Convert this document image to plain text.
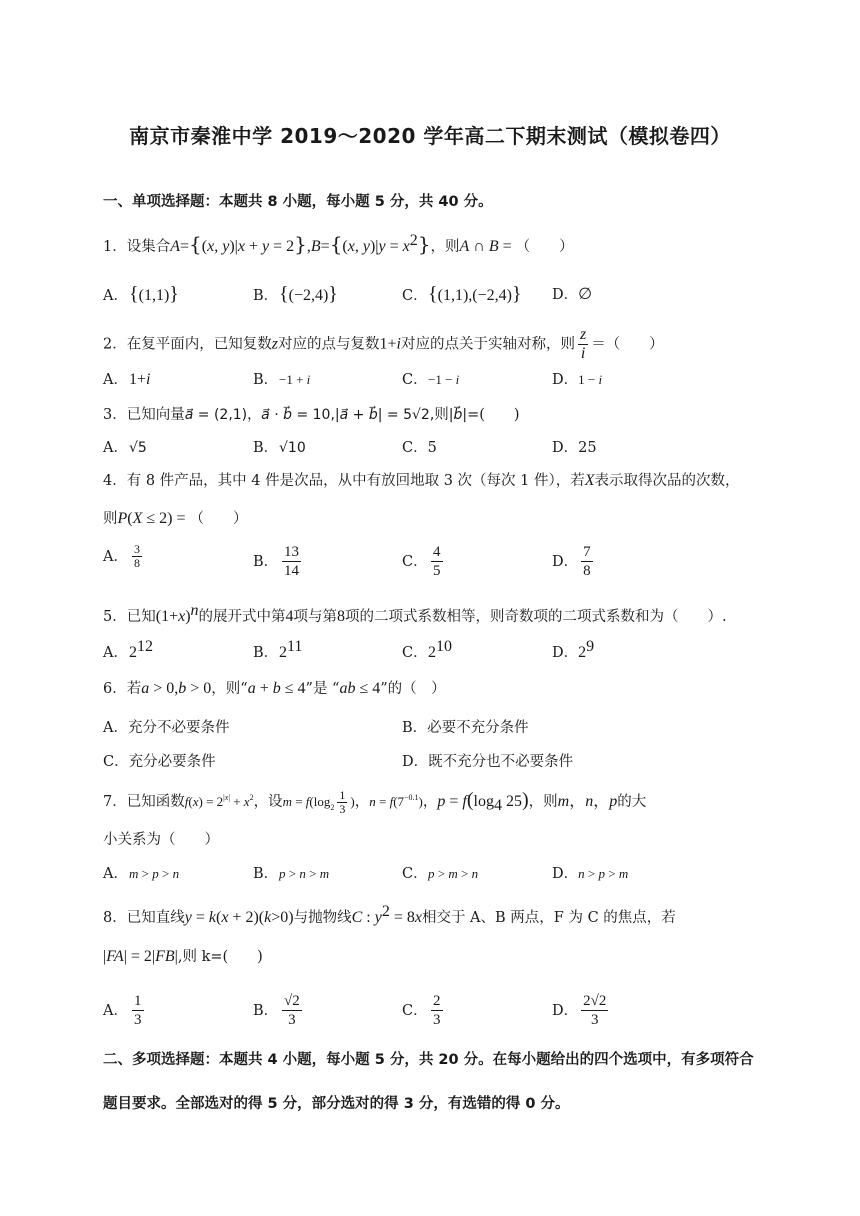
南京市秦淮中学 2019～2020 学年高二下期末测试（模拟卷四）
一、单项选择题：本题共 8 小题，每小题 5 分，共 40 分。
1．设集合A={(x, y)|x + y = 2},B={(x, $y)|y = x^2$}，则A ∩ B = （　　）
A．{(1,1)}	B．{(−2,4)}	C．{(1,1),(−2,4)} D．∅
2．在复平面内，已知复数z对应的点与复数1+i对应的点关于实轴对称，则 $\frac{z}{i}$ ＝（　　）
A．1+i	B．−1 + i	C．−1 − i	D．1 − i
3．已知向量a⃗ = (2,1)，a⃗ · b⃗ = 10,|a⃗ + b⃗| = 5√2,则|b⃗|=(　　)
A．√5	B．√10	C．5	D．25
4．有 8 件产品，其中 4 件是次品，从中有放回地取 3 次（每次 1 件），若X表示取得次品的次数，
则P(X ≤ 2) = （　　）
A． $\frac{3}{8}$	B． $\frac{13}{14}$	C． $\frac{4}{5}$	D． $\frac{7}{8}$
5．已知$(1+x)^n$的展开式中第4项与第8项的二项式系数相等，则奇数项的二项式系数和为（　　）.
A．$2^{12}$	B．$2^{11}$	C．$2^{10}$	D．$2^9$
6．若a > 0,b > 0，则“a + b ≤ 4”是 “ab ≤ 4”的（　）
A．充分不必要条件	B．必要不充分条件
C．充分必要条件	D．既不充分也不必要条件
7．已知函数$f(x) = 2^{|x|} + x^2$，设$m = f(\log_2 \frac{1}{3}$ )，$n = f(7^{-0.1})$，$p = f(\log_4$ 25)，则m，n，p的大
小关系为（　　）
A．m > p > n	B．p > n > m	C．p > m > n	D．n > p > m
8．已知直线y = k(x + 2)(k>0)与抛物线C : $y^2 = 8x$相交于 A、B 两点，F 为 C 的焦点，若
|FA| = 2|FB|,则 k=(　　)
A． $\frac{1}{3}$	B． $\frac{√2}{3}$	C． $\frac{2}{3}$	D． $\frac{2√2}{3}$
二、多项选择题：本题共 4 小题，每小题 5 分，共 20 分。在每小题给出的四个选项中，有多项符合题目要求。全部选对的得 5 分，部分选对的得 3 分，有选错的得 0 分。
